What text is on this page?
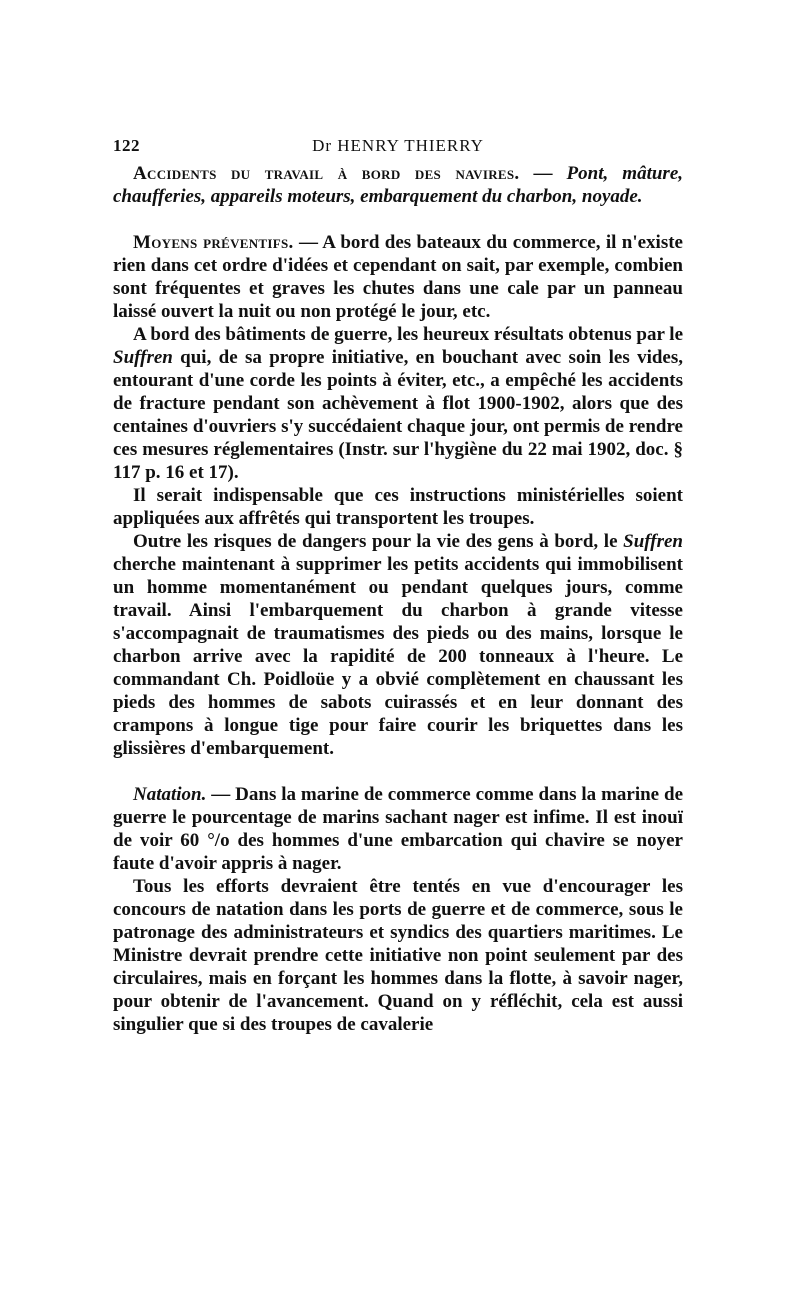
122	Dr HENRY THIERRY

Accidents du travail à bord des navires. — Pont, mâture, chaufferies, appareils moteurs, embarquement du charbon, noyade.

Moyens préventifs. — A bord des bateaux du commerce, il n'existe rien dans cet ordre d'idées et cependant on sait, par exemple, combien sont fréquentes et graves les chutes dans une cale par un panneau laissé ouvert la nuit ou non protégé le jour, etc.

A bord des bâtiments de guerre, les heureux résultats obtenus par le Suffren qui, de sa propre initiative, en bouchant avec soin les vides, entourant d'une corde les points à éviter, etc., a empêché les accidents de fracture pendant son achèvement à flot 1900-1902, alors que des centaines d'ouvriers s'y succédaient chaque jour, ont permis de rendre ces mesures réglementaires (Instr. sur l'hygiène du 22 mai 1902, doc. § 117 p. 16 et 17).

Il serait indispensable que ces instructions ministérielles soient appliquées aux affrêtés qui transportent les troupes.

Outre les risques de dangers pour la vie des gens à bord, le Suffren cherche maintenant à supprimer les petits accidents qui immobilisent un homme momentanément ou pendant quelques jours, comme travail. Ainsi l'embarquement du charbon à grande vitesse s'accompagnait de traumatismes des pieds ou des mains, lorsque le charbon arrive avec la rapidité de 200 tonneaux à l'heure. Le commandant Ch. Poidloüe y a obvié complètement en chaussant les pieds des hommes de sabots cuirassés et en leur donnant des crampons à longue tige pour faire courir les briquettes dans les glissières d'embarquement.

Natation. — Dans la marine de commerce comme dans la marine de guerre le pourcentage de marins sachant nager est infime. Il est inouï de voir 60 °/o des hommes d'une embarcation qui chavire se noyer faute d'avoir appris à nager.

Tous les efforts devraient être tentés en vue d'encourager les concours de natation dans les ports de guerre et de commerce, sous le patronage des administrateurs et syndics des quartiers maritimes. Le Ministre devrait prendre cette initiative non point seulement par des circulaires, mais en forçant les hommes dans la flotte, à savoir nager, pour obtenir de l'avancement. Quand on y réfléchit, cela est aussi singulier que si des troupes de cavalerie
